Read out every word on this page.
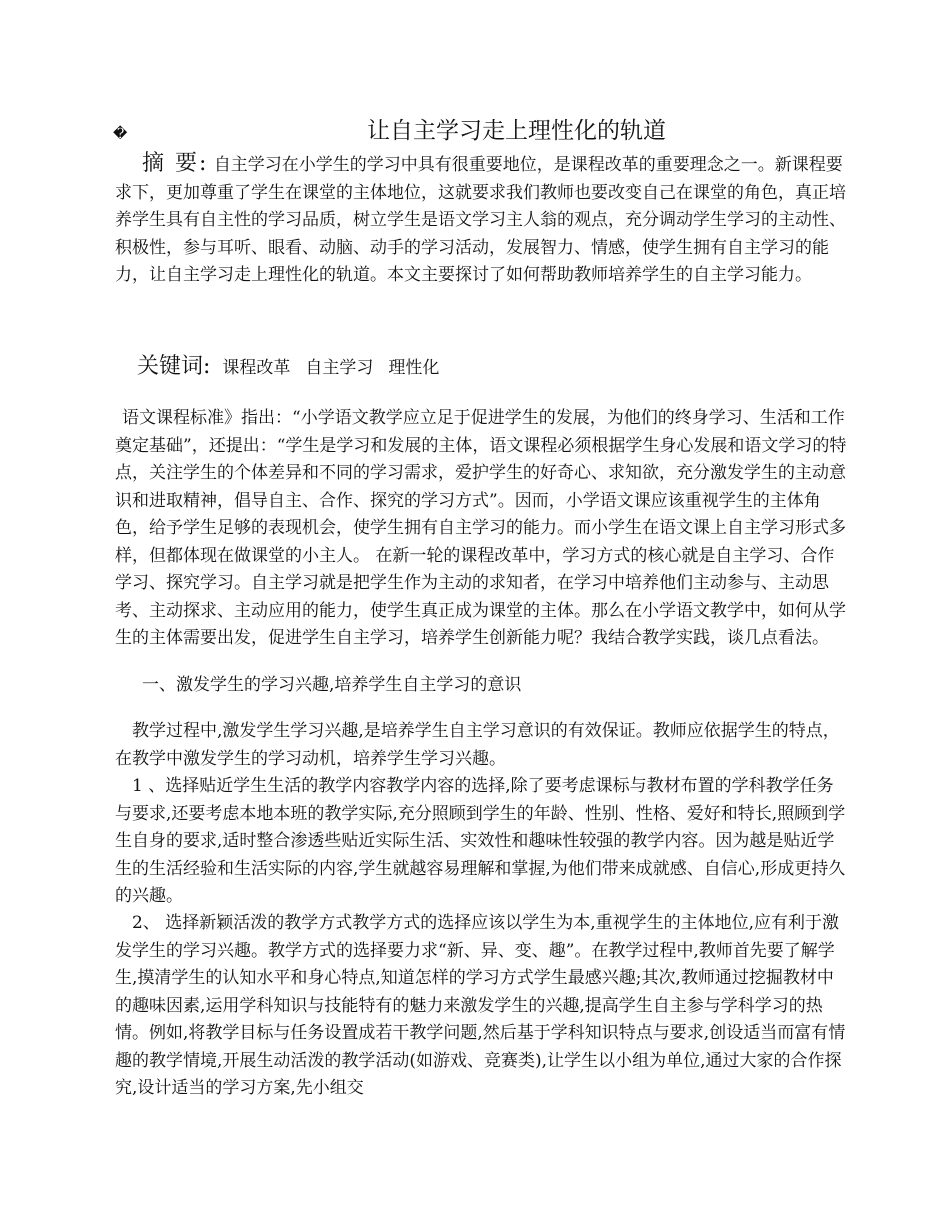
�	让自主学习走上理性化的轨道

摘 要: 自主学习在小学生的学习中具有很重要地位，是课程改革的重要理念之一。新课程要求下，更加尊重了学生在课堂的主体地位，这就要求我们教师也要改变自己在课堂的角色，真正培养学生具有自主性的学习品质，树立学生是语文学习主人翁的观点，充分调动学生学习的主动性、积极性，参与耳听、眼看、动脑、动手的学习活动，发展智力、情感，使学生拥有自主学习的能力，让自主学习走上理性化的轨道。本文主要探讨了如何帮助教师培养学生的自主学习能力。

关键词: 课程改革 自主学习 理性化

语文课程标准》指出：“小学语文教学应立足于促进学生的发展，为他们的终身学习、生活和工作奠定基础”，还提出：“学生是学习和发展的主体，语文课程必须根据学生身心发展和语文学习的特点，关注学生的个体差异和不同的学习需求，爱护学生的好奇心、求知欲，充分激发学生的主动意识和进取精神，倡导自主、合作、探究的学习方式”。因而，小学语文课应该重视学生的主体角色，给予学生足够的表现机会，使学生拥有自主学习的能力。而小学生在语文课上自主学习形式多样，但都体现在做课堂的小主人。 在新一轮的课程改革中，学习方式的核心就是自主学习、合作学习、探究学习。自主学习就是把学生作为主动的求知者，在学习中培养他们主动参与、主动思考、主动探求、主动应用的能力，使学生真正成为课堂的主体。那么在小学语文教学中，如何从学生的主体需要出发，促进学生自主学习，培养学生创新能力呢？我结合教学实践，谈几点看法。

一、激发学生的学习兴趣,培养学生自主学习的意识

教学过程中,激发学生学习兴趣,是培养学生自主学习意识的有效保证。教师应依据学生的特点，在教学中激发学生的学习动机，培养学生学习兴趣。

1 、选择贴近学生生活的教学内容教学内容的选择,除了要考虑课标与教材布置的学科教学任务与要求,还要考虑本地本班的教学实际,充分照顾到学生的年龄、性别、性格、爱好和特长,照顾到学生自身的要求,适时整合渗透些贴近实际生活、实效性和趣味性较强的教学内容。因为越是贴近学生的生活经验和生活实际的内容,学生就越容易理解和掌握,为他们带来成就感、自信心,形成更持久的兴趣。

2、 选择新颖活泼的教学方式教学方式的选择应该以学生为本,重视学生的主体地位,应有利于激发学生的学习兴趣。教学方式的选择要力求“新、异、变、趣”。在教学过程中,教师首先要了解学生,摸清学生的认知水平和身心特点,知道怎样的学习方式学生最感兴趣;其次,教师通过挖掘教材中的趣味因素,运用学科知识与技能特有的魅力来激发学生的兴趣,提高学生自主参与学科学习的热情。例如,将教学目标与任务设置成若干教学问题,然后基于学科知识特点与要求,创设适当而富有情趣的教学情境,开展生动活泼的教学活动(如游戏、竞赛类),让学生以小组为单位,通过大家的合作探究,设计适当的学习方案,先小组交
